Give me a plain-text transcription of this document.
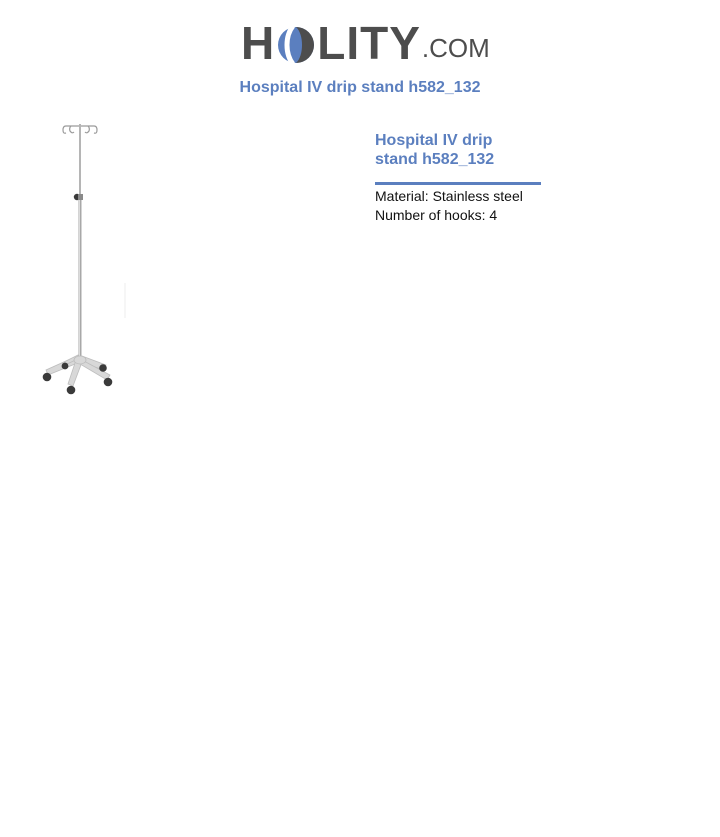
H LITY .COM
Hospital IV drip stand h582_132
Hospital IV drip stand h582_132

Material: Stainless steel

Number of hooks: 4
